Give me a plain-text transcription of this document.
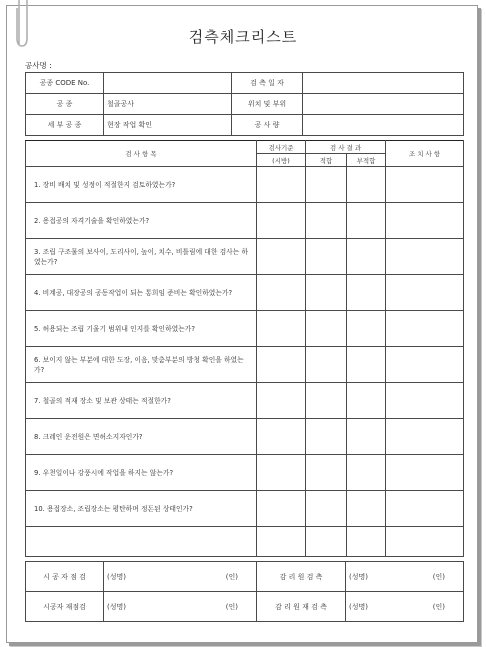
검측체크리스트
공사명 :
공종 CODE No.		검 측 일 자	
공 종	철골공사	위치 및 부위	
세 부 공 종	현장 작업 확인	공 사 량	
검 사 항 목	검사기준	검 사 결 과		조 치 사 항
	(시방)	적합	부적합	
1. 장비 배치 및 성정이 적절한지 검토하였는가?				
2. 용접공의 자격기술을 확인하였는가?				
3. 조립 구조물의 보사이, 도리사이, 높이, 치수, 비틀림에 대한 검사는 하였는가?				
4. 비계공, 대장공의 공동작업이 되는 통희임 준비는 확인하였는가?				
5. 허용되는 조립 기울기 범위내 인지를 확인하였는가?				
6. 보이지 않는 부분에 대한 도장, 이음, 맞춤부분의 방청 확인을 하였는가?				
7. 철골의 적재 장소 및 보관 상태는 적절한가?				
8. 크레인 운전원은 면허소지자인가?				
9. 우천일이나 강풍시에 작업을 하지는 않는가?				
10. 용접장소, 조립장소는 평탄하며 정돈된 상태인가?				

시 공 자 점 검	(성명)	(인)	감 리 원 검 측	(성명)	(인)
시공자 재점검	(성명)	(인)	감 리 원 재 검 측	(성명)	(인)
